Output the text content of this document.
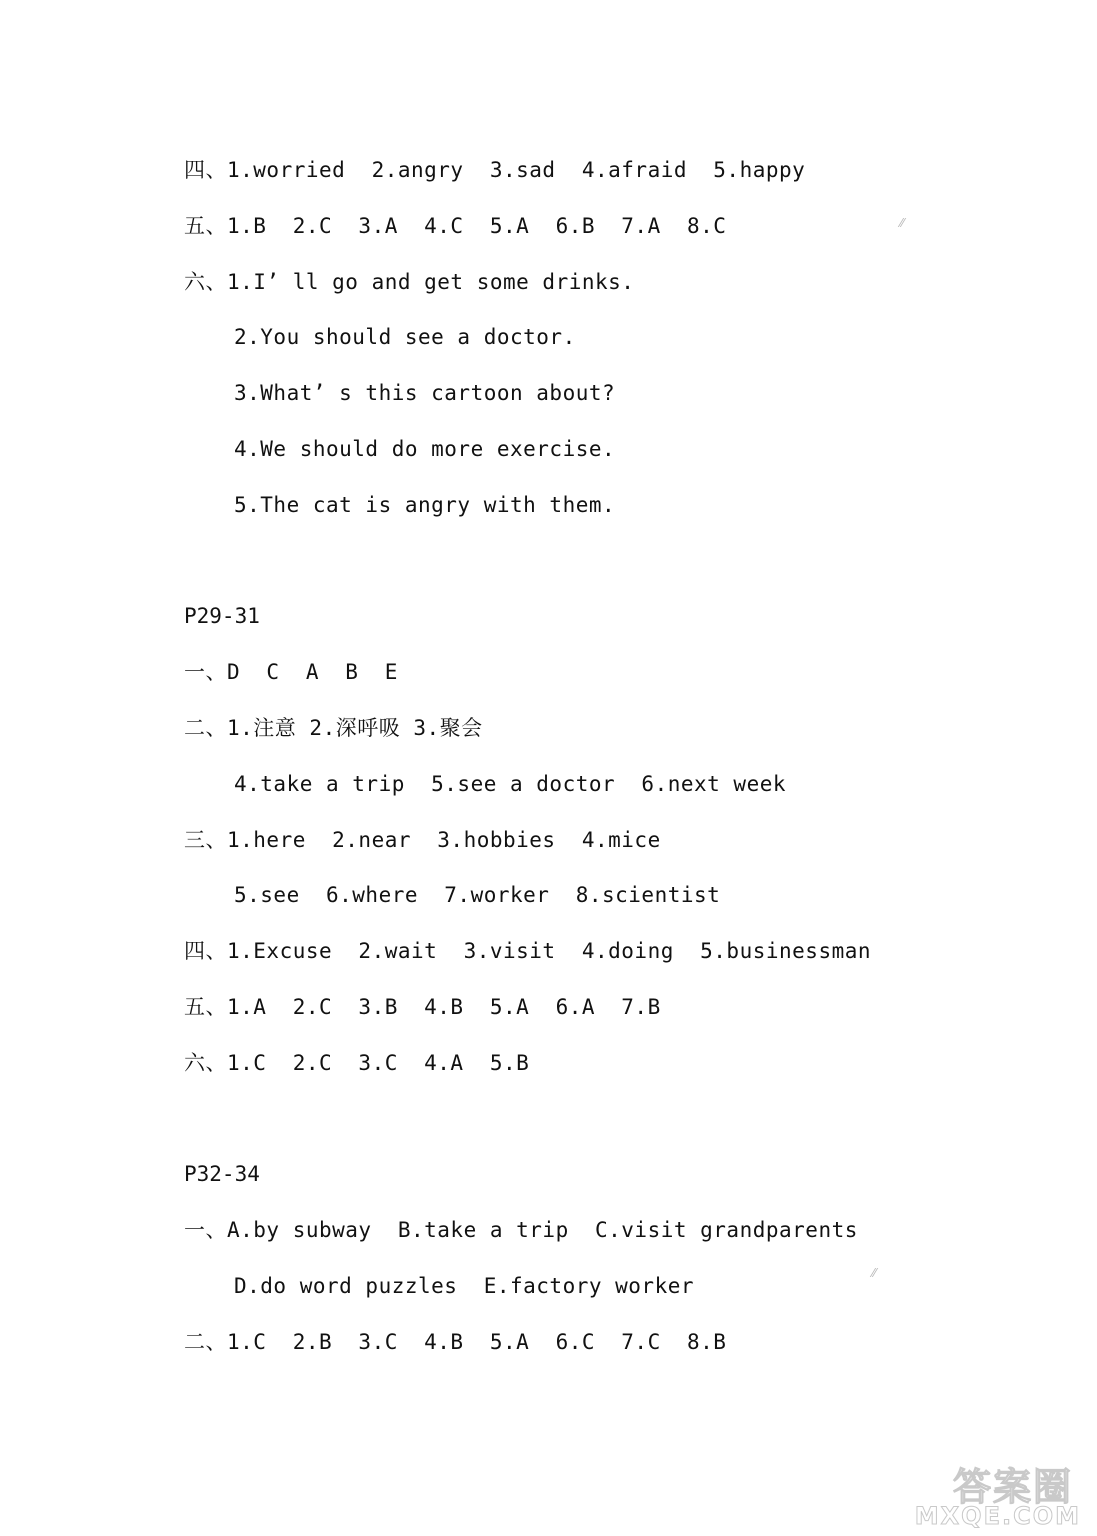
四、1.worried  2.angry  3.sad  4.afraid  5.happy
五、1.B  2.C  3.A  4.C  5.A  6.B  7.A  8.C
六、1.I’ ll go and get some drinks.
2.You should see a doctor.
3.What’ s this cartoon about?
4.We should do more exercise.
5.The cat is angry with them.
P29-31
一、D  C  A  B  E
二、1.注意 2.深呼吸 3.聚会
4.take a trip  5.see a doctor  6.next week
三、1.here  2.near  3.hobbies  4.mice
5.see  6.where  7.worker  8.scientist
四、1.Excuse  2.wait  3.visit  4.doing  5.businessman
五、1.A  2.C  3.B  4.B  5.A  6.A  7.B
六、1.C  2.C  3.C  4.A  5.B
P32-34
一、A.by subway  B.take a trip  C.visit grandparents
D.do word puzzles  E.factory worker
二、1.C  2.B  3.C  4.B  5.A  6.C  7.C  8.B
⁄⁄
⁄⁄
答案圈
MXQE.COM
